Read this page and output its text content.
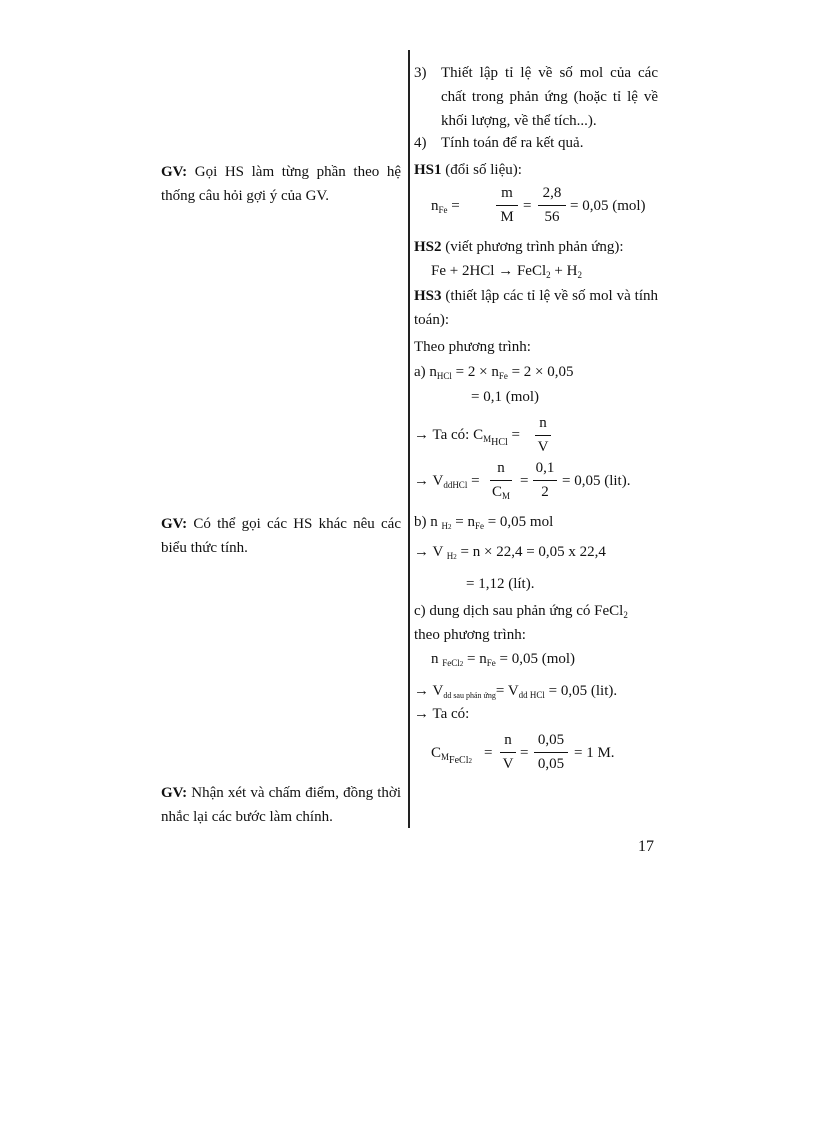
GV: Gọi HS làm từng phần theo hệ thống câu hỏi gợi ý của GV.
GV: Có thể gọi các HS khác nêu các biểu thức tính.
GV: Nhận xét và chấm điểm, đồng thời nhắc lại các bước làm chính.
3) Thiết lập tỉ lệ về số mol của các chất trong phản ứng (hoặc tỉ lệ về khối lượng, về thể tích...).
4) Tính toán để ra kết quả.
HS1 (đổi số liệu):
$n_{Fe} = \frac{m}{M} = \frac{2,8}{56} = 0,05$ (mol)
HS2 (viết phương trình phản ứng):
Fe + 2HCl → FeCl$_2$ + $H_2$
HS3 (thiết lập các tỉ lệ về số mol và tính toán):
Theo phương trình:
a) $n_{HCl} = 2 \times n_{Fe} = 2 \times 0,05$
= 0,1 (mol)
→ Ta có: $C_{MHCl} = \frac{n}{V}$
→ $V_{ddHCl} = \frac{n}{C_M} = \frac{0,1}{2} = 0,05$ (lit).
b) n $_{H2} = n_{Fe} = 0,05$ mol
→ V $_{H2}$ = n × 22,4 = 0,05 x 22,4
= 1,12 (lít).
c) dung dịch sau phản ứng có FeCl$_2$
theo phương trình:
n $_{FeCl2} = n_{Fe} = 0,05$ (mol)
→ $V_{dd sau phản ứng}= V_{dd HCl} = 0,05$ (lit).
→ Ta có:
$C_{MFeCl2} = \frac{n}{V} = \frac{0,05}{0,05} = 1$ M.
17
